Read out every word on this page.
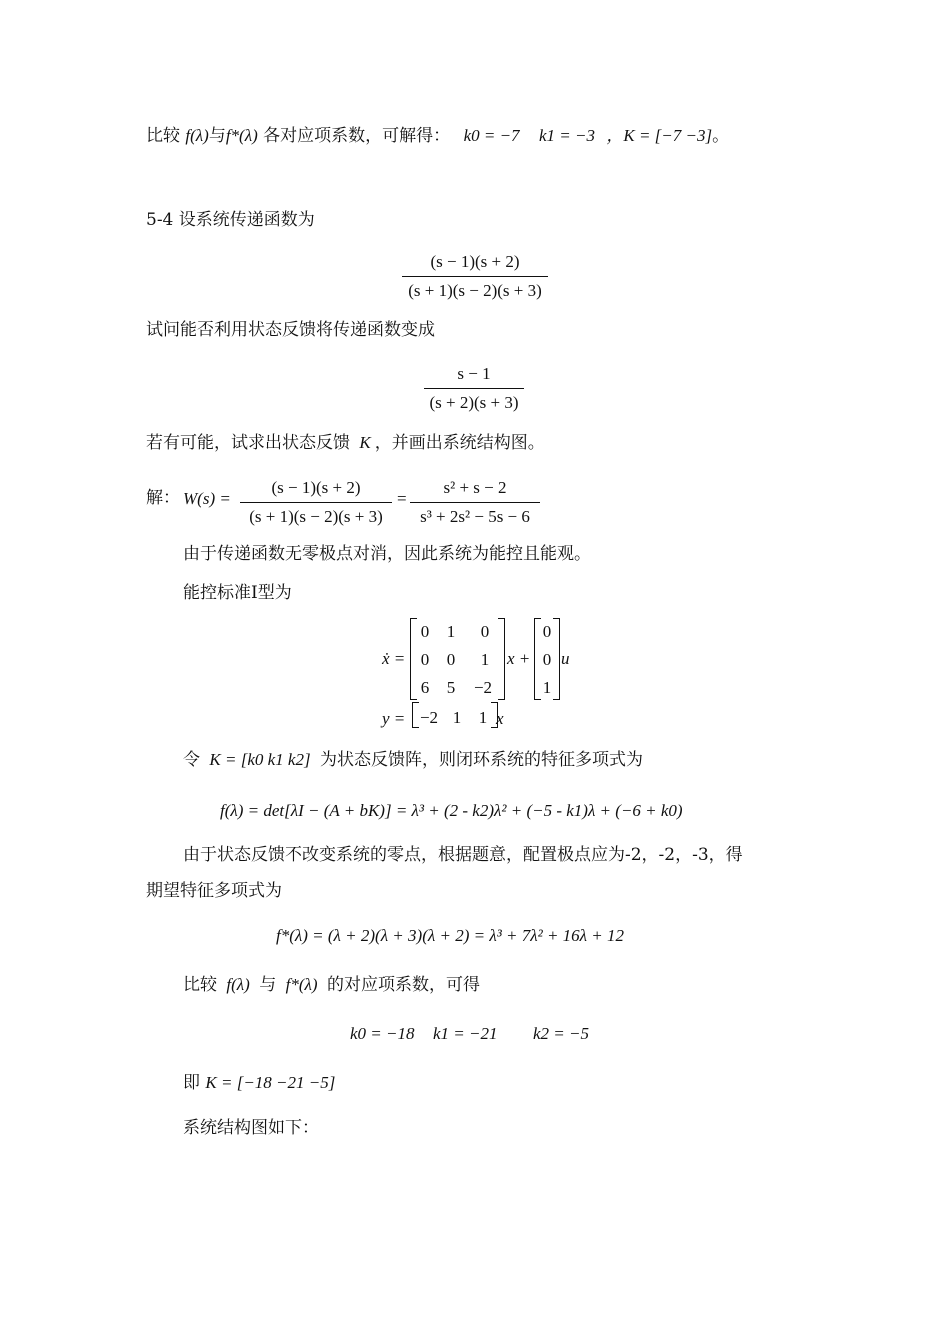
比较 f(λ)与f*(λ) 各对应项系数，可解得： k0 = −7 k1 = −3 ，K = [−7 −3]。
5-4 设系统传递函数为
$\frac{(s - 1)(s + 2)}{(s + 1)(s - 2)(s + 3)}$
试问能否利用状态反馈将传递函数变成
$\frac{s - 1}{(s + 2)(s + 3)}$
若有可能，试求出状态反馈 K ，并画出系统结构图。
解： $W(s) = \frac{(s - 1)(s + 2)}{(s + 1)(s - 2)(s + 3)} = \frac{\text{s² + s − 2}}{\text{s³ + 2s² − 5s − 6}}$
由于传递函数无零极点对消，因此系统为能控且能观。
能控标准I型为
ẋ =
0	1	0
0	0	1
6	5	−2
x +
0
0
1
u
y = −2 1	1 x
令 K = [k0 k1 k2] 为状态反馈阵，则闭环系统的特征多项式为
f(λ) = det[λI − (A + bK)] = λ³ + (2 - k2)λ² + (−5 - k1)λ + (−6 + k0)
由于状态反馈不改变系统的零点，根据题意，配置极点应为-2，-2，-3，得
期望特征多项式为
f*(λ) = (λ + 2)(λ + 3)(λ + 2) = λ³ + 7λ² + 16λ + 12
比较 f(λ) 与 f*(λ) 的对应项系数，可得
k0 = −18 k1 = −21 k2 = −5
即 K = [−18 −21 −5]
系统结构图如下：
